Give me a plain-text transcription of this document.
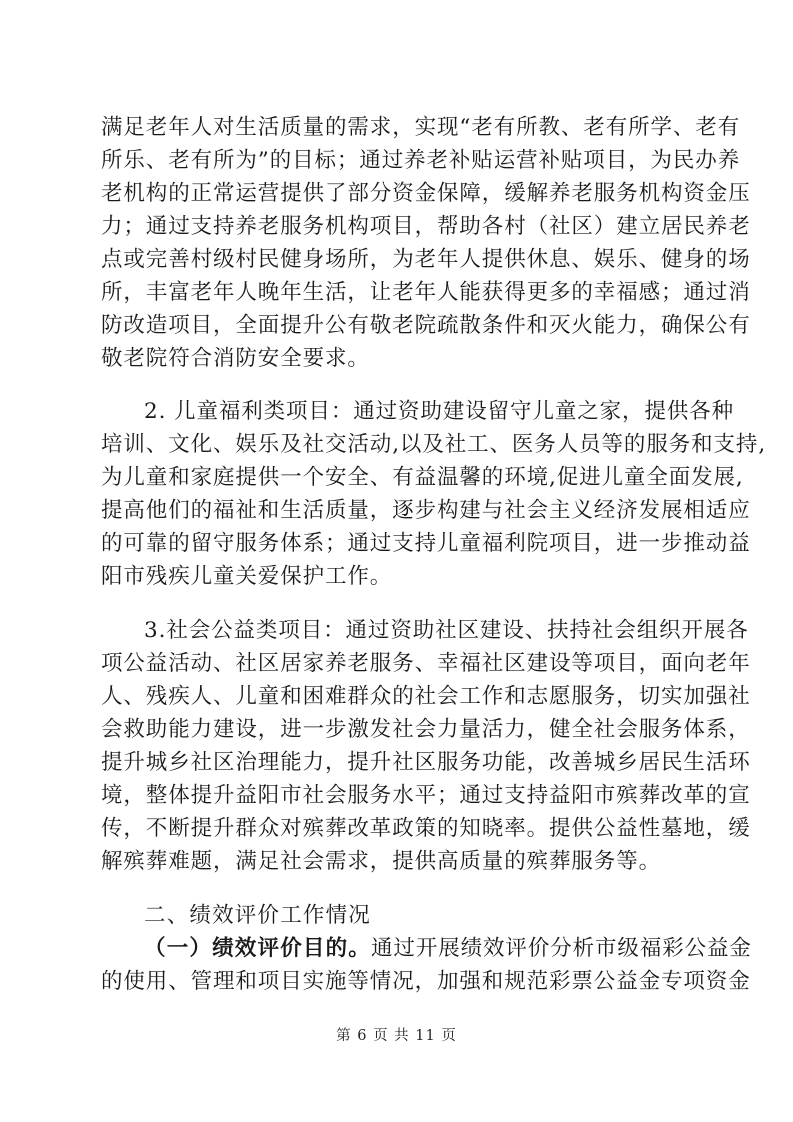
满足老年人对生活质量的需求，实现“老有所教、老有所学、老有
所乐、老有所为”的目标；通过养老补贴运营补贴项目，为民办养
老机构的正常运营提供了部分资金保障，缓解养老服务机构资金压
力；通过支持养老服务机构项目，帮助各村（社区）建立居民养老
点或完善村级村民健身场所，为老年人提供休息、娱乐、健身的场
所，丰富老年人晚年生活，让老年人能获得更多的幸福感；通过消
防改造项目，全面提升公有敬老院疏散条件和灭火能力，确保公有
敬老院符合消防安全要求。
2. 儿童福利类项目：通过资助建设留守儿童之家，提供各种
培训、文化、娱乐及社交活动,以及社工、医务人员等的服务和支持,
为儿童和家庭提供一个安全、有益温馨的环境,促进儿童全面发展,
提高他们的福祉和生活质量，逐步构建与社会主义经济发展相适应
的可靠的留守服务体系；通过支持儿童福利院项目，进一步推动益
阳市残疾儿童关爱保护工作。
3.社会公益类项目：通过资助社区建设、扶持社会组织开展各
项公益活动、社区居家养老服务、幸福社区建设等项目，面向老年
人、残疾人、儿童和困难群众的社会工作和志愿服务，切实加强社
会救助能力建设，进一步激发社会力量活力，健全社会服务体系，
提升城乡社区治理能力，提升社区服务功能，改善城乡居民生活环
境，整体提升益阳市社会服务水平；通过支持益阳市殡葬改革的宣
传，不断提升群众对殡葬改革政策的知晓率。提供公益性墓地，缓
解殡葬难题，满足社会需求，提供高质量的殡葬服务等。
二、绩效评价工作情况
（一）绩效评价目的。通过开展绩效评价分析市级福彩公益金
的使用、管理和项目实施等情况，加强和规范彩票公益金专项资金
第 6 页 共 11 页
